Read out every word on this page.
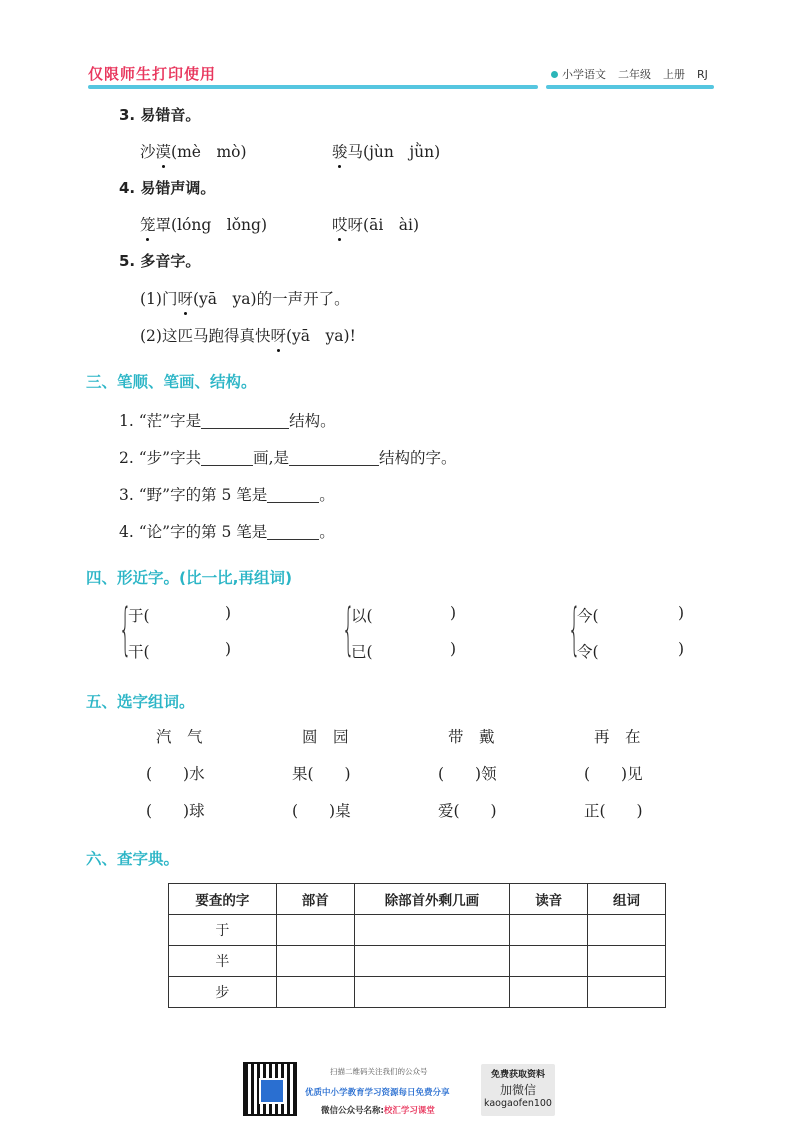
仅限师生打印使用	小学语文 二年级 上册 RJ
3. 易错音。
沙漠(mè　mò)	骏马(jùn　jǜn)
4. 易错声调。
笼罩(lóng　lǒng)	哎呀(āi　ài)
5. 多音字。
(1)门呀(yā　ya)的一声开了。
(2)这匹马跑得真快呀(yā　ya)!
三、笔顺、笔画、结构。
1. “茫”字是	结构。
2. “步”字共	画,是	结构的字。
3. “野”字的第 5 笔是	。
4. “论”字的第 5 笔是	。
四、形近字。(比一比,再组词)
{
于(	)
干(	) {
以(	)
已(	) {
今(	)
令(	)
五、选字组词。
汽　气	圆　园	带　戴	再　在
(　　)水	果(　　)	(　　)领	(　　)见
(　　)球	(　　)桌	爱(　　)	正(　　)
六、查字典。
要查的字	部首	除部首外剩几画	读音	组词
于				
半				
步				
扫描二维码关注我们的公众号
优质中小学教育学习资源每日免费分享
微信公众号名称:校汇学习课堂
免费获取资料
加微信
kaogaofen100
